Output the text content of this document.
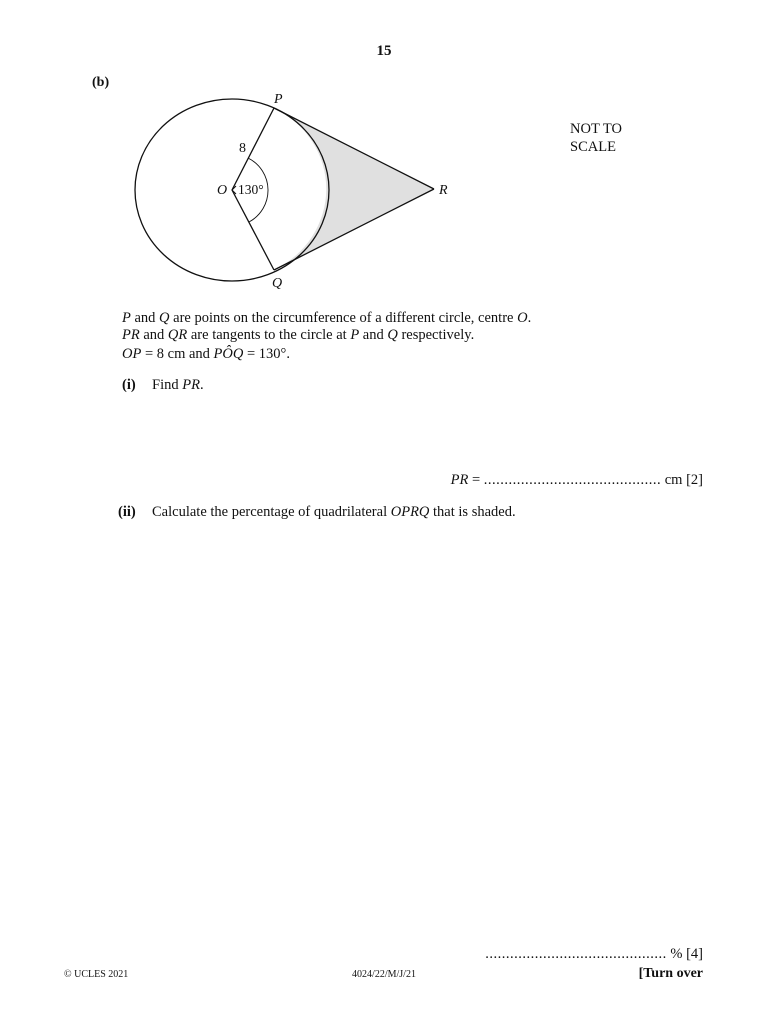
15
(b)
P
Q
O	R
8
130°
NOT TO
SCALE
P and Q are points on the circumference of a different circle, centre O.
PR and QR are tangents to the circle at P and Q respectively.
OP = 8 cm and PÔQ = 130°.
(i) Find PR.
PR = ........................................... cm [2]
(ii) Calculate the percentage of quadrilateral OPRQ that is shaded.
............................................ % [4]
© UCLES 2021	4024/22/M/J/21	[Turn over
